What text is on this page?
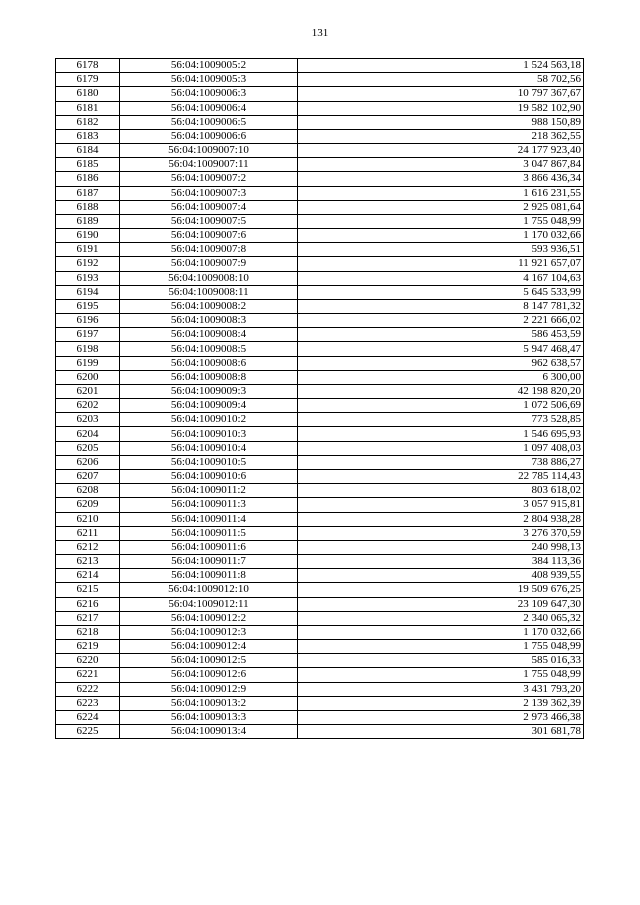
131
6178	56:04:1009005:2	1 524 563,18
6179	56:04:1009005:3	58 702,56
6180	56:04:1009006:3	10 797 367,67
6181	56:04:1009006:4	19 582 102,90
6182	56:04:1009006:5	988 150,89
6183	56:04:1009006:6	218 362,55
6184	56:04:1009007:10	24 177 923,40
6185	56:04:1009007:11	3 047 867,84
6186	56:04:1009007:2	3 866 436,34
6187	56:04:1009007:3	1 616 231,55
6188	56:04:1009007:4	2 925 081,64
6189	56:04:1009007:5	1 755 048,99
6190	56:04:1009007:6	1 170 032,66
6191	56:04:1009007:8	593 936,51
6192	56:04:1009007:9	11 921 657,07
6193	56:04:1009008:10	4 167 104,63
6194	56:04:1009008:11	5 645 533,99
6195	56:04:1009008:2	8 147 781,32
6196	56:04:1009008:3	2 221 666,02
6197	56:04:1009008:4	586 453,59
6198	56:04:1009008:5	5 947 468,47
6199	56:04:1009008:6	962 638,57
6200	56:04:1009008:8	6 300,00
6201	56:04:1009009:3	42 198 820,20
6202	56:04:1009009:4	1 072 506,69
6203	56:04:1009010:2	773 528,85
6204	56:04:1009010:3	1 546 695,93
6205	56:04:1009010:4	1 097 408,03
6206	56:04:1009010:5	738 886,27
6207	56:04:1009010:6	22 785 114,43
6208	56:04:1009011:2	803 618,02
6209	56:04:1009011:3	3 057 915,81
6210	56:04:1009011:4	2 804 938,28
6211	56:04:1009011:5	3 276 370,59
6212	56:04:1009011:6	240 998,13
6213	56:04:1009011:7	384 113,36
6214	56:04:1009011:8	408 939,55
6215	56:04:1009012:10	19 509 676,25
6216	56:04:1009012:11	23 109 647,30
6217	56:04:1009012:2	2 340 065,32
6218	56:04:1009012:3	1 170 032,66
6219	56:04:1009012:4	1 755 048,99
6220	56:04:1009012:5	585 016,33
6221	56:04:1009012:6	1 755 048,99
6222	56:04:1009012:9	3 431 793,20
6223	56:04:1009013:2	2 139 362,39
6224	56:04:1009013:3	2 973 466,38
6225	56:04:1009013:4	301 681,78
